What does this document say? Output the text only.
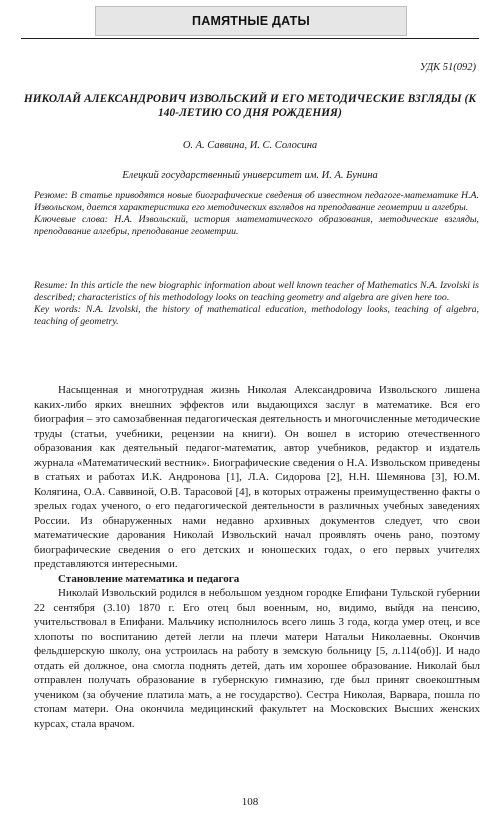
ПАМЯТНЫЕ ДАТЫ
УДК 51(092)
НИКОЛАЙ АЛЕКСАНДРОВИЧ ИЗВОЛЬСКИЙ И ЕГО МЕТОДИЧЕСКИЕ ВЗГЛЯДЫ (К 140-ЛЕТИЮ СО ДНЯ РОЖДЕНИЯ)
О. А. Саввина, И. С. Солосина
Елецкий государственный университет им. И. А. Бунина

Резюме: В статье приводятся новые биографические сведения об известном педагоге-математике Н.А. Извольском, дается характеристика его методических взглядов на преподавание геометрии и алгебры.

Ключевые слова: Н.А. Извольский, история математического образования, методические взгляды, преподавание алгебры, преподавание геометрии.

Resume: In this article the new biographic information about well known teacher of Mathematics N.A. Izvolski is described; characteristics of his methodology looks on teaching geometry and algebra are given here too.

Key words: N.A. Izvolski, the history of mathematical education, methodology looks, teaching of algebra, teaching of geometry.

Насыщенная и многотрудная жизнь Николая Александровича Извольского лишена каких-либо ярких внешних эффектов или выдающихся заслуг в математике. Вся его биография – это самозабвенная педагогическая деятельность и многочисленные методические труды (статьи, учебники, рецензии на книги). Он вошел в историю отечественного образования как деятельный педагог-математик, автор учебников, редактор и издатель журнала «Математический вестник». Биографические сведения о Н.А. Извольском приведены в статьях и работах И.К. Андронова [1], Л.А. Сидорова [2], Н.Н. Шемянова [3], Ю.М. Колягина, О.А. Саввиной, О.В. Тарасовой [4], в которых отражены преимущественно факты о зрелых годах ученого, о его педагогической деятельности в различных учебных заведениях России. Из обнаруженных нами недавно архивных документов следует, что свои математические дарования Николай Извольский начал проявлять очень рано, поэтому биографические сведения о его детских и юношеских годах, о его первых учителях представляются интересными.

Становление математика и педагога

Николай Извольский родился в небольшом уездном городке Епифани Тульской губернии 22 сентября (3.10) 1870 г. Его отец был военным, но, видимо, выйдя на пенсию, учительствовал в Епифани. Мальчику исполнилось всего лишь 3 года, когда умер отец, и все хлопоты по воспитанию детей легли на плечи матери Натальи Николаевны. Окончив фельдшерскую школу, она устроилась на работу в земскую больницу [5, л.114(об)]. И надо отдать ей должное, она смогла поднять детей, дать им хорошее образование. Николай был отправлен получать образование в губернскую гимназию, где был принят своекоштным учеником (за обучение платила мать, а не государство). Сестра Николая, Варвара, пошла по стопам матери. Она окончила медицинский факультет на Московских Высших женских курсах, стала врачом.

108
